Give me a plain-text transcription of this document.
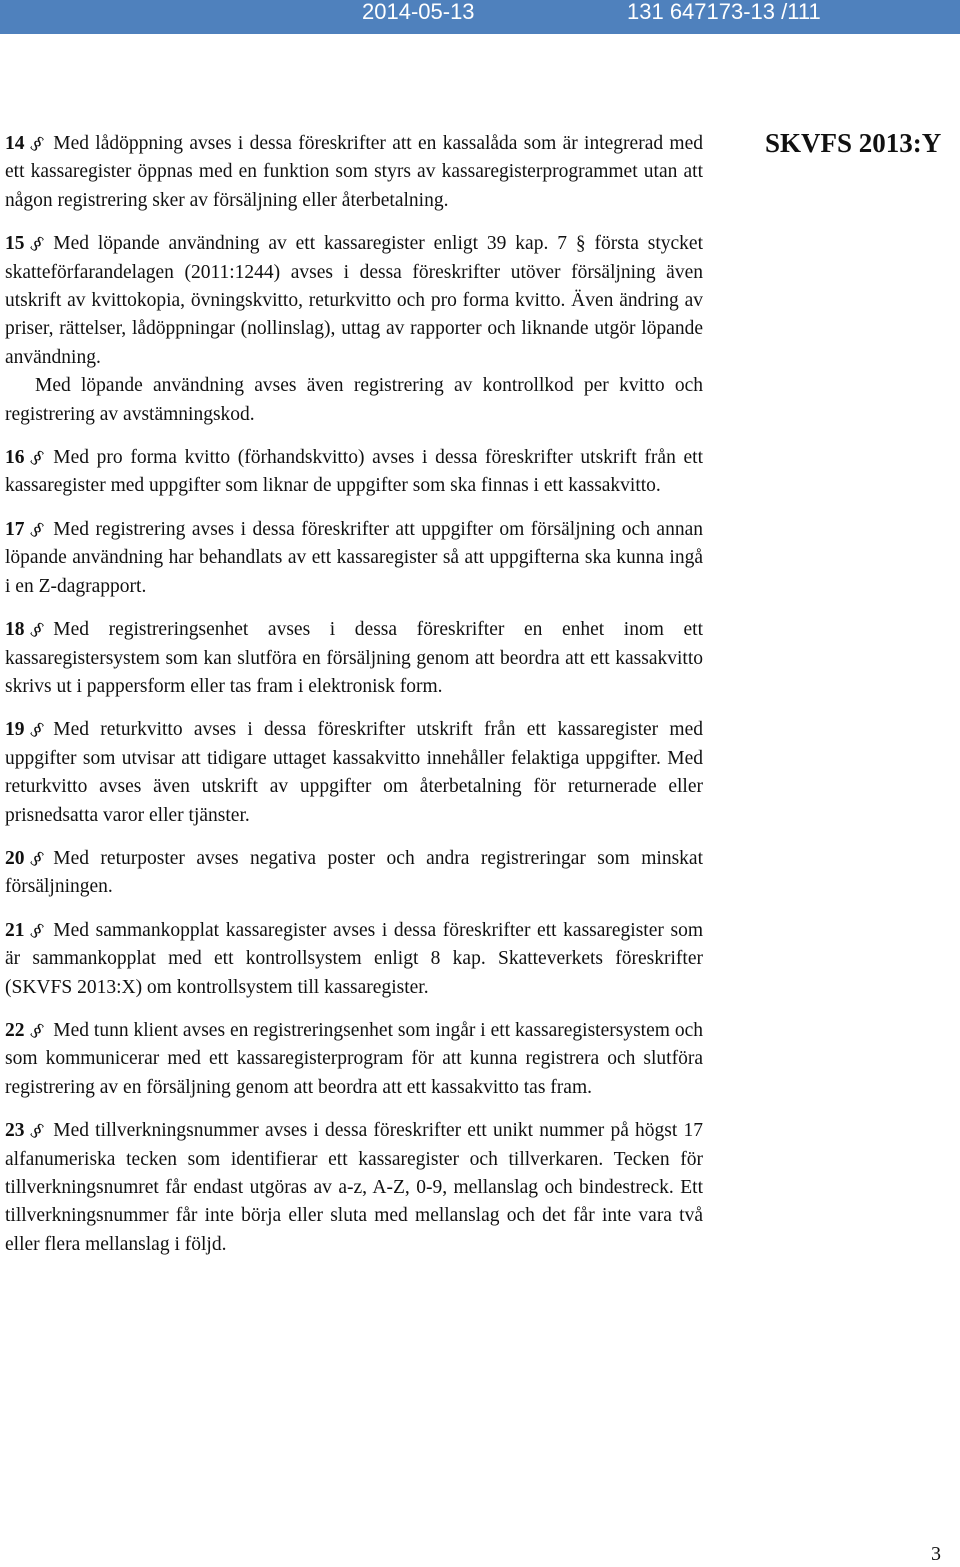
2014-05-13	131 647173-13 /111
SKVFS 2013:Y

14 § Med lådöppning avses i dessa föreskrifter att en kassalåda som är integrerad med ett kassaregister öppnas med en funktion som styrs av kassaregisterprogrammet utan att någon registrering sker av försäljning eller återbetalning.

15 § Med löpande användning av ett kassaregister enligt 39 kap. 7 § första stycket skatteförfarandelagen (2011:1244) avses i dessa föreskrifter utöver försäljning även utskrift av kvittokopia, övningskvitto, returkvitto och pro forma kvitto. Även ändring av priser, rättelser, lådöppningar (nollinslag), uttag av rapporter och liknande utgör löpande användning.

Med löpande användning avses även registrering av kontrollkod per kvitto och registrering av avstämningskod.

16 § Med pro forma kvitto (förhandskvitto) avses i dessa föreskrifter utskrift från ett kassaregister med uppgifter som liknar de uppgifter som ska finnas i ett kassakvitto.

17 § Med registrering avses i dessa föreskrifter att uppgifter om försäljning och annan löpande användning har behandlats av ett kassaregister så att uppgifterna ska kunna ingå i en Z-dagrapport.

18 § Med registreringsenhet avses i dessa föreskrifter en enhet inom ett kassaregistersystem som kan slutföra en försäljning genom att beordra att ett kassakvitto skrivs ut i pappersform eller tas fram i elektronisk form.

19 § Med returkvitto avses i dessa föreskrifter utskrift från ett kassaregister med uppgifter som utvisar att tidigare uttaget kassakvitto innehåller felaktiga uppgifter. Med returkvitto avses även utskrift av uppgifter om återbetalning för returnerade eller prisnedsatta varor eller tjänster.

20 § Med returposter avses negativa poster och andra registreringar som minskat försäljningen.

21 § Med sammankopplat kassaregister avses i dessa föreskrifter ett kassaregister som är sammankopplat med ett kontrollsystem enligt 8 kap. Skatteverkets föreskrifter (SKVFS 2013:X) om kontrollsystem till kassaregister.

22 § Med tunn klient avses en registreringsenhet som ingår i ett kassaregistersystem och som kommunicerar med ett kassaregisterprogram för att kunna registrera och slutföra registrering av en försäljning genom att beordra att ett kassakvitto tas fram.

23 § Med tillverkningsnummer avses i dessa föreskrifter ett unikt nummer på högst 17 alfanumeriska tecken som identifierar ett kassaregister och tillverkaren. Tecken för tillverkningsnumret får endast utgöras av a-z, A-Z, 0-9, mellanslag och bindestreck. Ett tillverkningsnummer får inte börja eller sluta med mellanslag och det får inte vara två eller flera mellanslag i följd.

3
